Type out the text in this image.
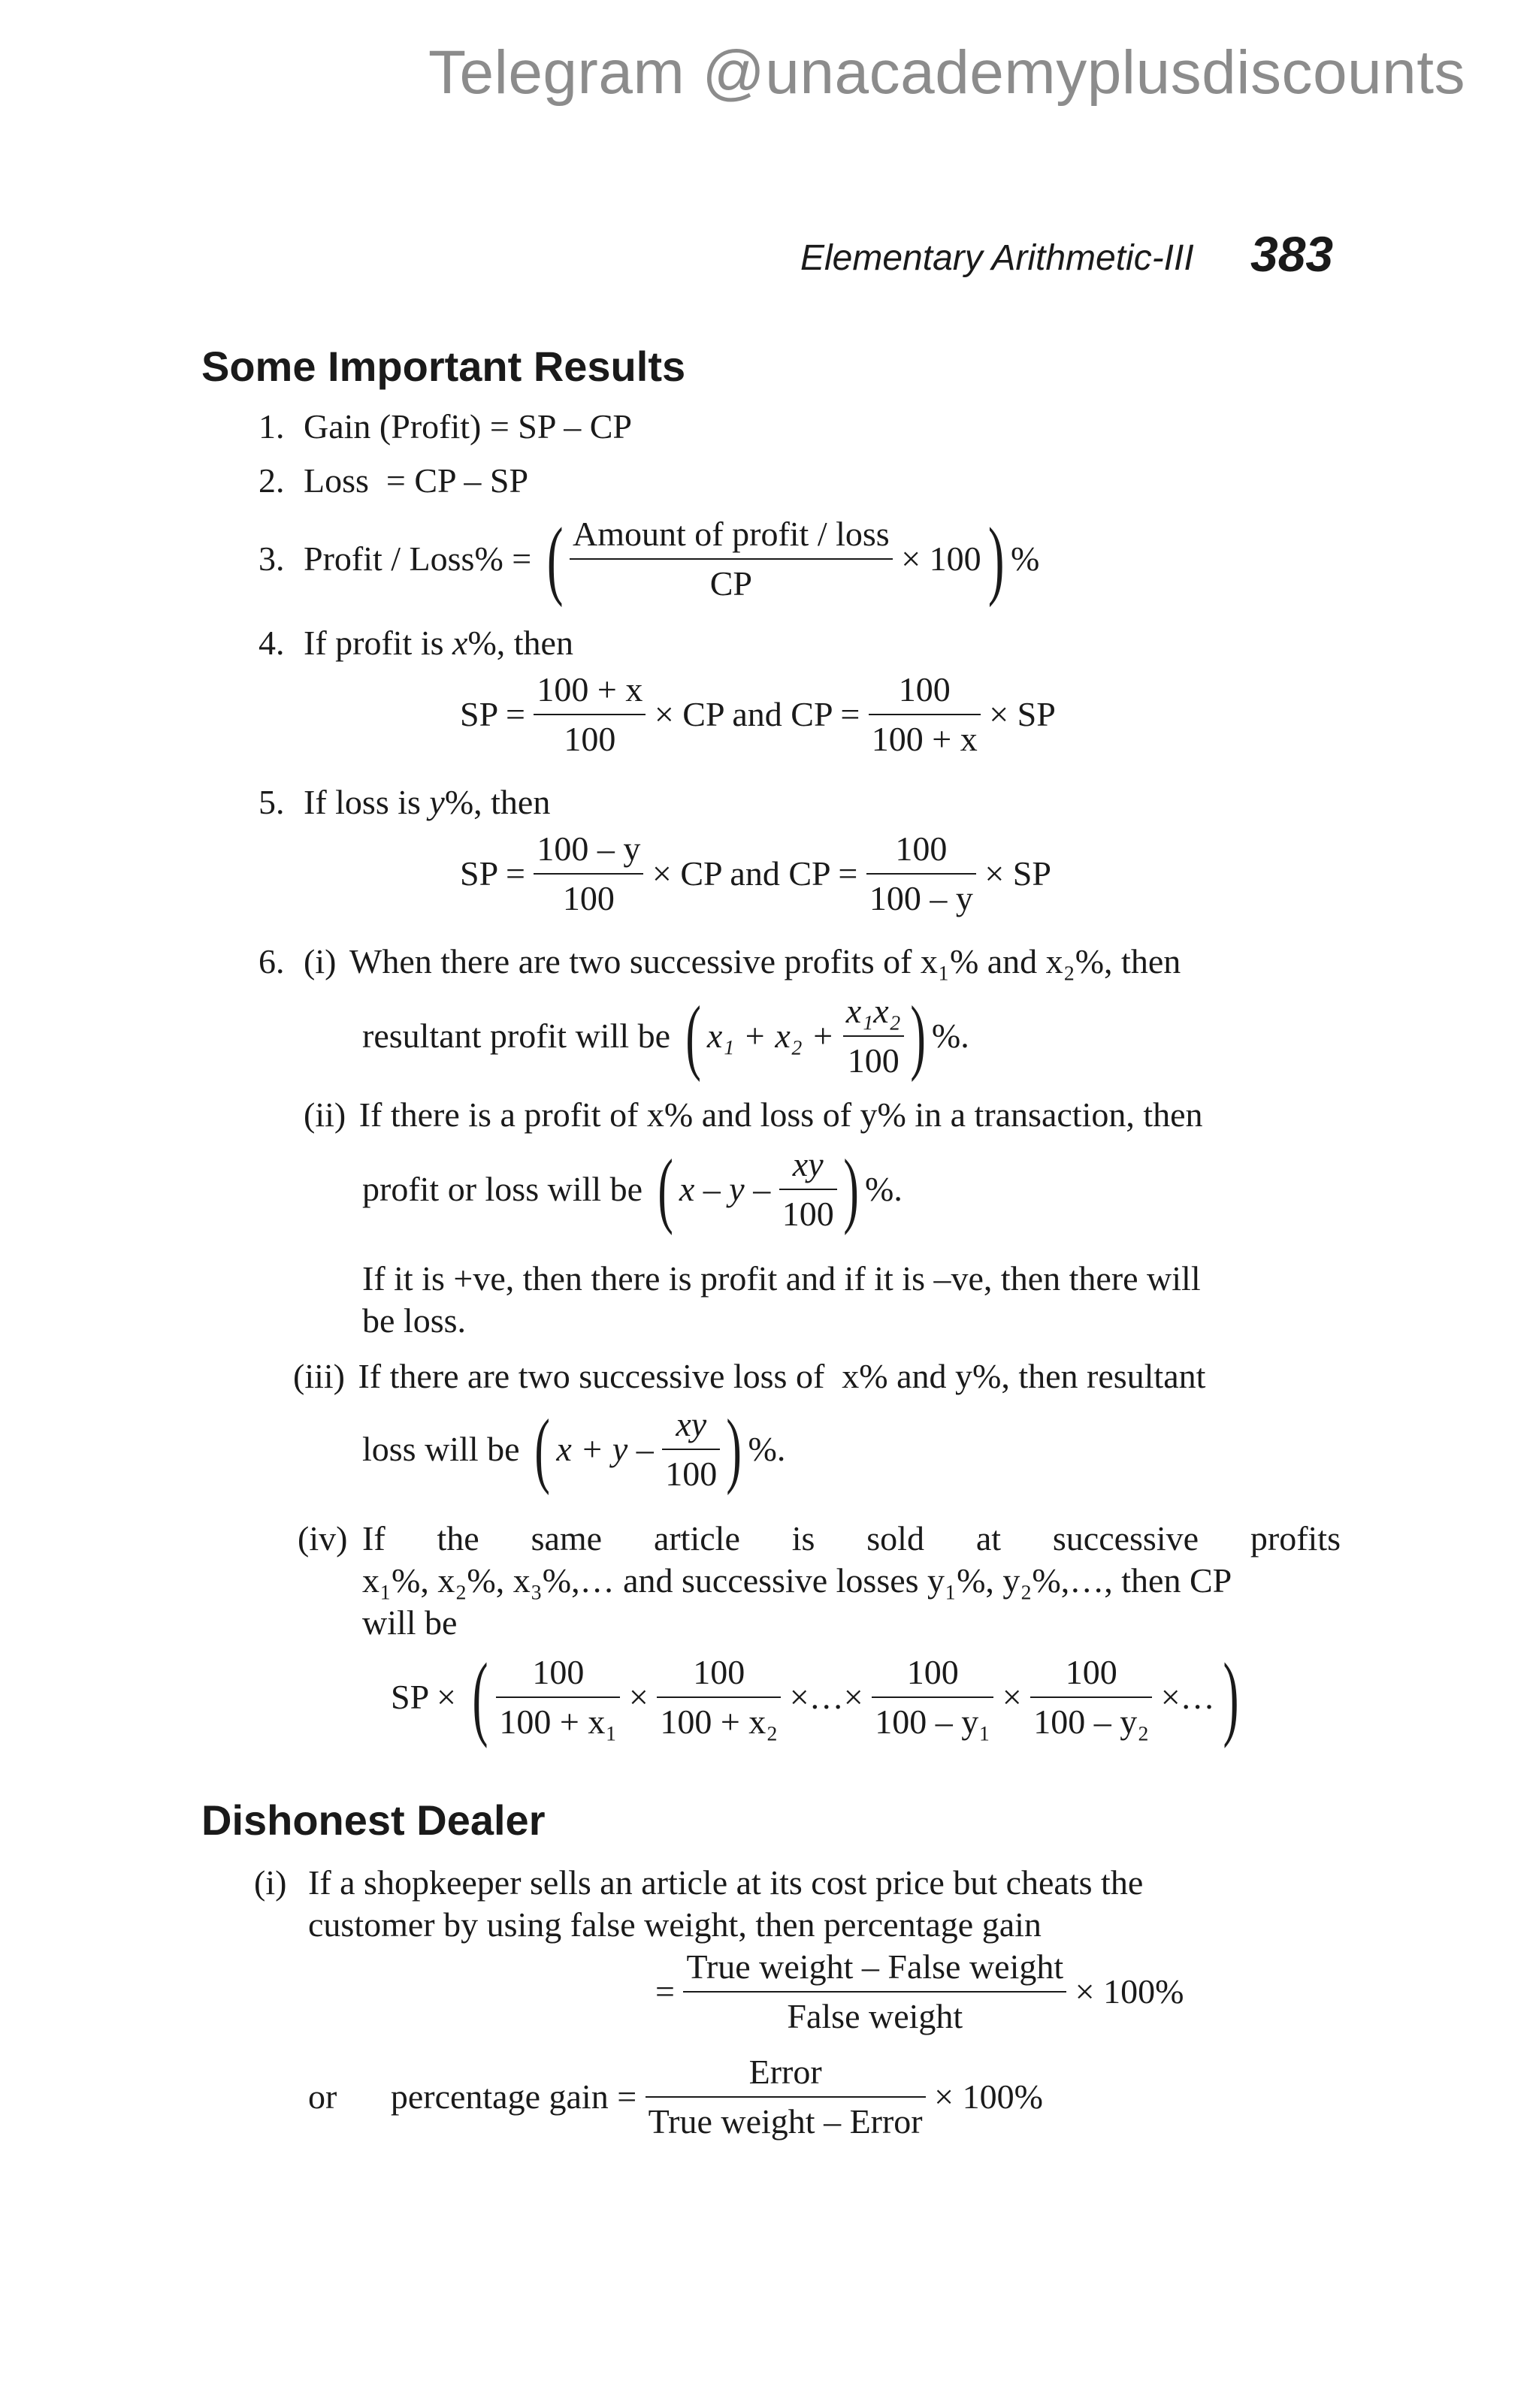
Telegram @unacademyplusdiscounts
Elementary Arithmetic-III 383
Some Important Results
1. Gain (Profit) = SP – CP
2. Loss  = CP – SP
3. Profit / Loss% = ( $\frac{\text{Amount of profit / loss}}{CP} \times 100$) %
4. If profit is x%, then
SP = $\frac{100 + x}{100}$ × CP and CP = $\frac{100}{100 + x}$ × SP
5. If loss is y%, then
SP = $\frac{100 - y}{100}$ × CP and CP = $\frac{100}{100 - y}$ × SP
6. (i) When there are two successive profits of x₁% and x₂%, then
resultant profit will be ( $x_1 + x_2 + \frac{\text{x₁x₂}}{100}$ ) %.
(ii) If there is a profit of x% and loss of y% in a transaction, then
profit or loss will be ( x – y – $\frac{xy}{100}$ ) %.
If it is +ve, then there is profit and if it is –ve, then there will
be loss.
(iii) If there are two successive loss of  x% and y%, then resultant
loss will be ( $x + y - \frac{xy}{100}$ ) %.
(iv) If the same article is sold at successive profits
x₁%, x₂%, x₃%,… and successive losses y₁%, y₂%,…, then CP
will be
SP × ( $\frac{100}{\text{100 + x₁}} \times \frac{100}{\text{100 + x₂}}$ ×…× $\frac{100}{\text{100 – y₁}} \times \frac{100}{\text{100 – y₂}}$ ×…)
Dishonest Dealer
(i) If a shopkeeper sells an article at its cost price but cheats the
customer by using false weight, then percentage gain
= $\frac{\text{True weight – False weight}}{\text{False weight}} \times 100\%$
or percentage gain = $\frac{\text{Error}}{\text{True weight – Error}} \times 100\%$
